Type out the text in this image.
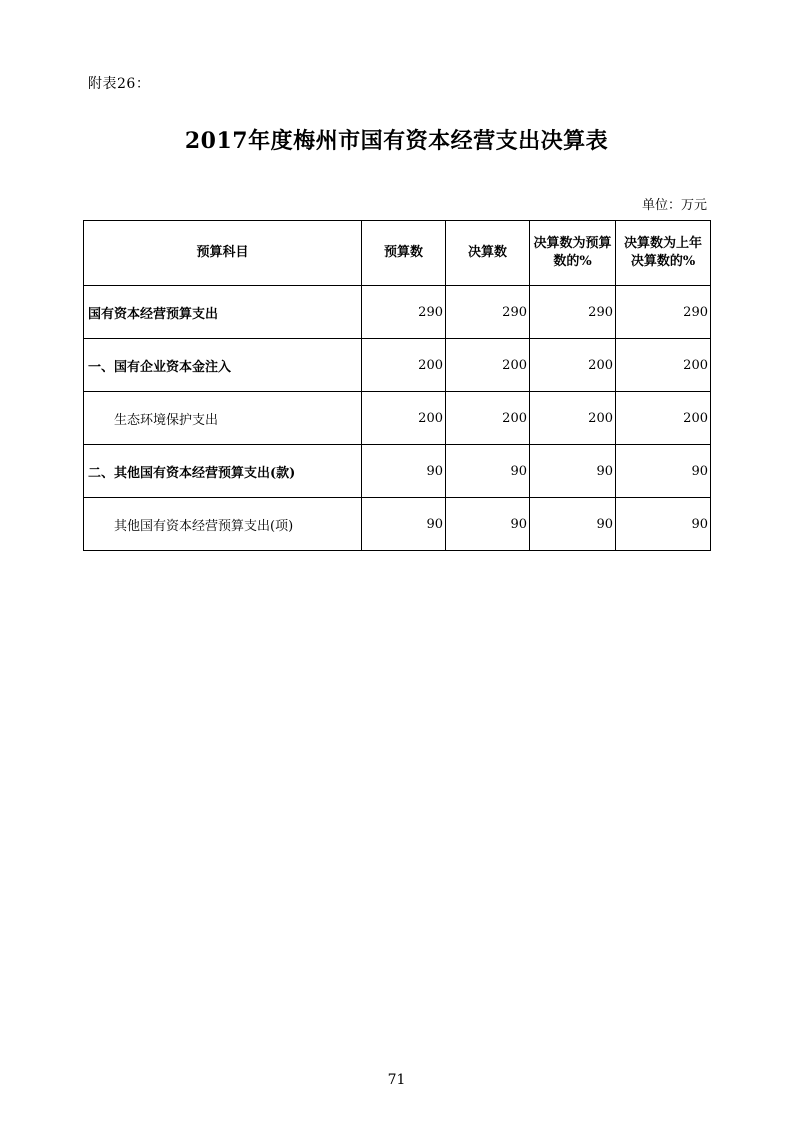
附表26：
2017年度梅州市国有资本经营支出决算表
单位：万元
预算科目	预算数	决算数	决算数为预算数的%	决算数为上年决算数的%
国有资本经营预算支出	290	290	290	290
一、国有企业资本金注入	200	200	200	200
生态环境保护支出	200	200	200	200
二、其他国有资本经营预算支出(款)	90	90	90	90
其他国有资本经营预算支出(项)	90	90	90	90
71
